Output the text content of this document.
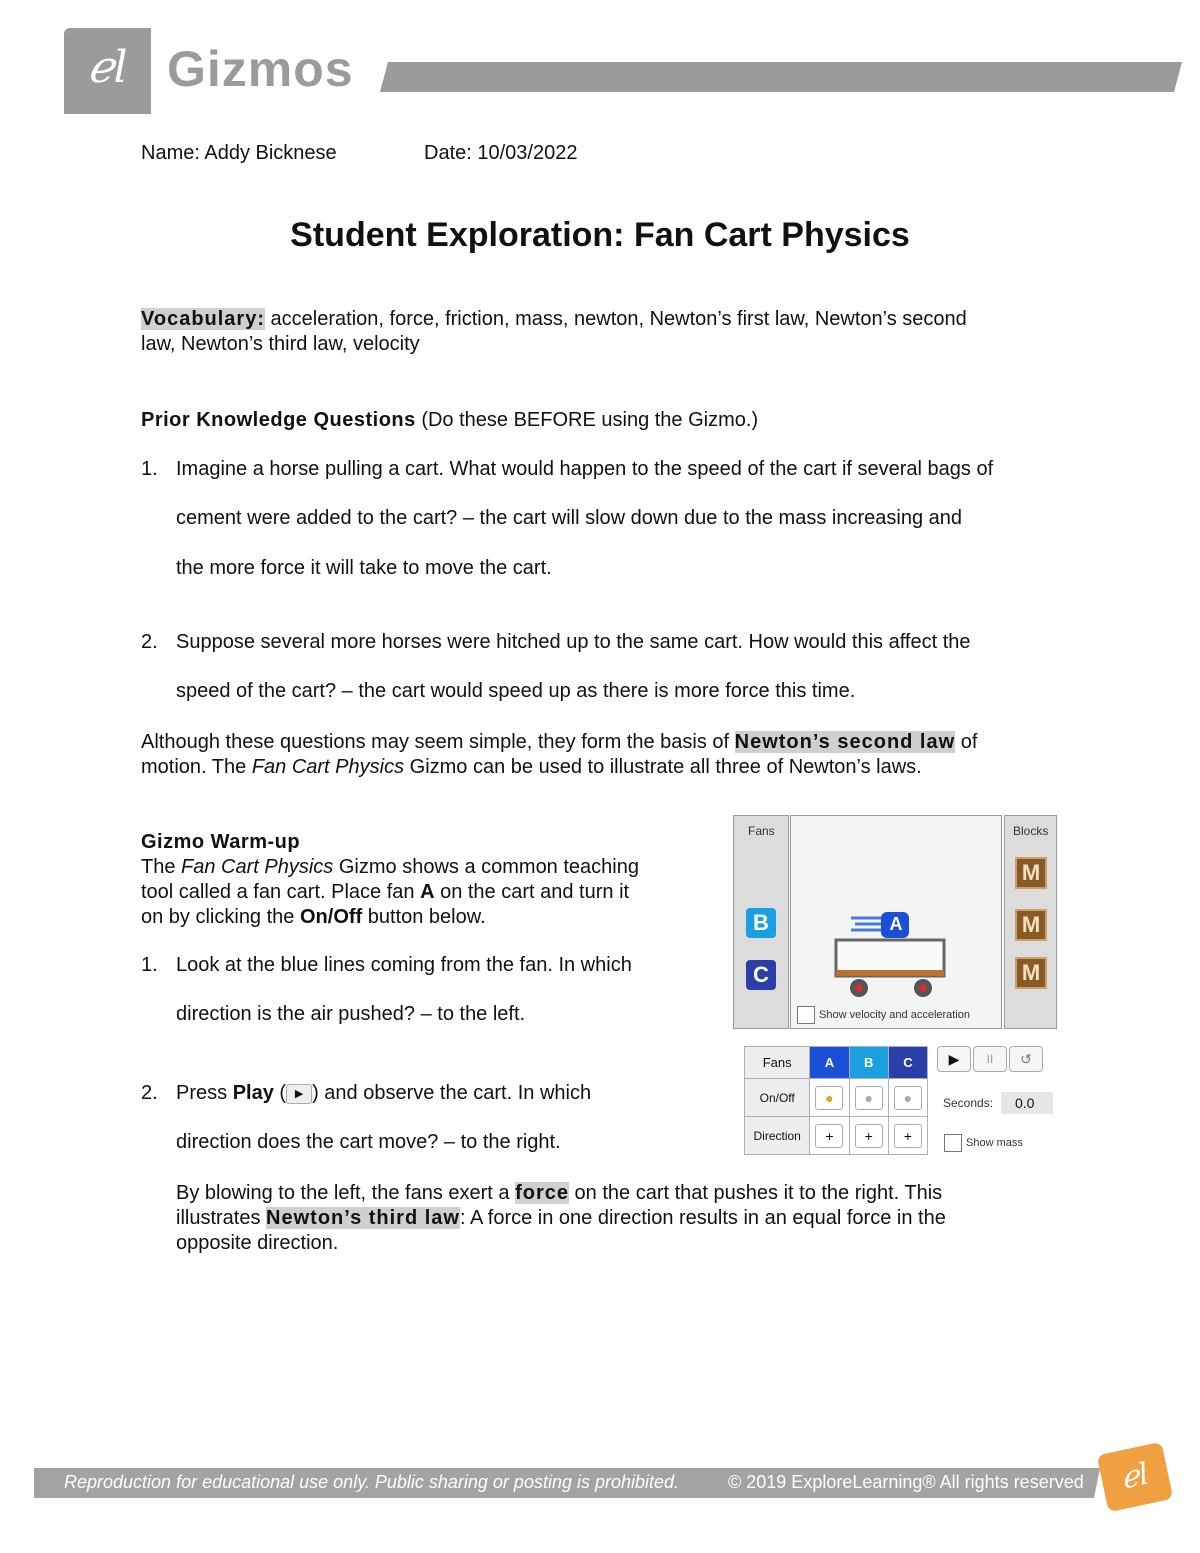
ℯl Gizmos
Name: Addy Bicknese	Date: 10/03/2022
Student Exploration: Fan Cart Physics
Vocabulary: acceleration, force, friction, mass, newton, Newton’s first law, Newton’s second
law, Newton’s third law, velocity
Prior Knowledge Questions (Do these BEFORE using the Gizmo.)
1. Imagine a horse pulling a cart. What would happen to the speed of the cart if several bags of
cement were added to the cart? – the cart will slow down due to the mass increasing and
the more force it will take to move the cart.
2. Suppose several more horses were hitched up to the same cart. How would this affect the
speed of the cart? – the cart would speed up as there is more force this time.
Although these questions may seem simple, they form the basis of Newton’s second law of
motion. The Fan Cart Physics Gizmo can be used to illustrate all three of Newton’s laws.
Gizmo Warm-up
The Fan Cart Physics Gizmo shows a common teaching
tool called a fan cart. Place fan A on the cart and turn it
on by clicking the On/Off button below.
1. Look at the blue lines coming from the fan. In which
direction is the air pushed? – to the left.
2. Press Play ( ▶ ) and observe the cart. In which
direction does the cart move? – to the right.
By blowing to the left, the fans exert a force on the cart that pushes it to the right. This
illustrates Newton’s third law: A force in one direction results in an equal force in the
opposite direction.
Fans
B
C
A
Show velocity and acceleration
Blocks
M
M
M
Fans	A	B	C
On/Off	●	●	●
Direction	+	+	+
▶	II	↺
Seconds:	0.0
Show mass
Reproduction for educational use only. Public sharing or posting is prohibited.	© 2019 ExploreLearning® All rights reserved	ℯl
